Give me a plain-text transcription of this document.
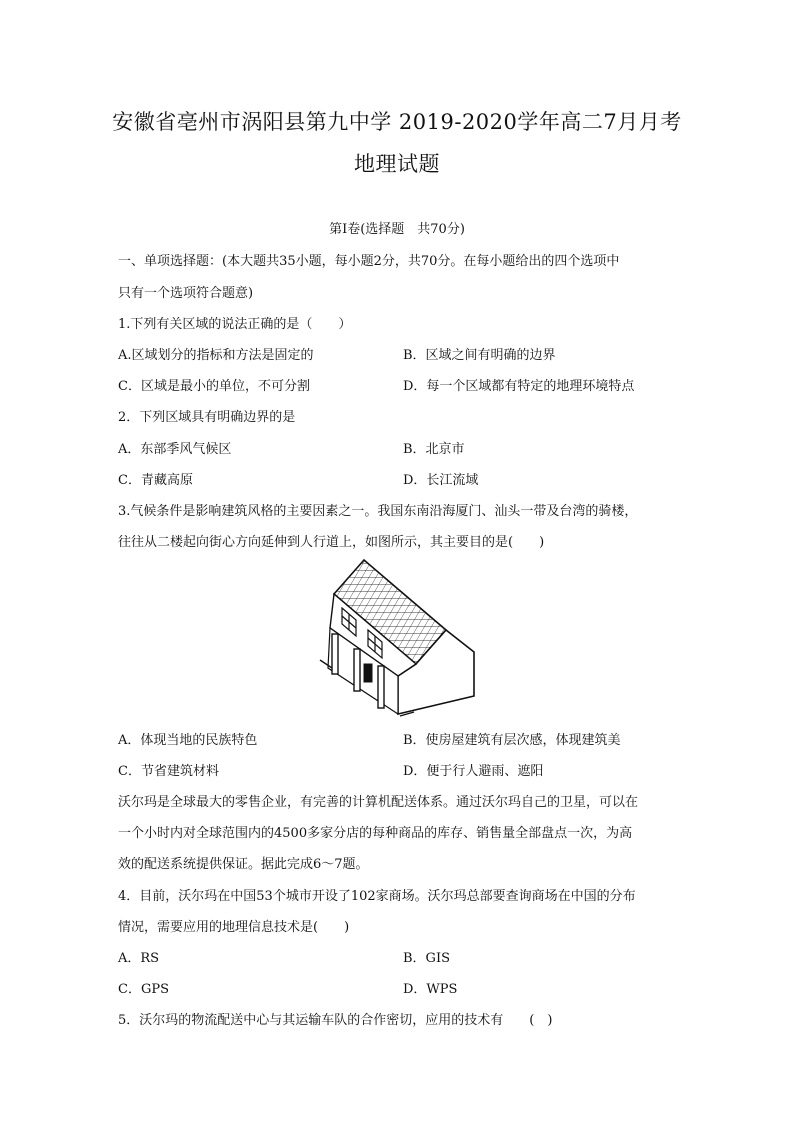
安徽省亳州市涡阳县第九中学 2019-2020学年高二7月月考
地理试题
第Ⅰ卷(选择题　共70分)
一、单项选择题：(本大题共35小题，每小题2分，共70分。在每小题给出的四个选项中
只有一个选项符合题意)
1.下列有关区域的说法正确的是（　　）
A.区域划分的指标和方法是固定的	B．区域之间有明确的边界
C．区域是最小的单位，不可分割	D．每一个区域都有特定的地理环境特点
2．下列区域具有明确边界的是
A．东部季风气候区	B．北京市
C．青藏高原	D．长江流域
3.气候条件是影响建筑风格的主要因素之一。我国东南沿海厦门、汕头一带及台湾的骑楼，
往往从二楼起向街心方向延伸到人行道上，如图所示，其主要目的是(　　)
A．体现当地的民族特色	B．使房屋建筑有层次感，体现建筑美
C．节省建筑材料	D．便于行人避雨、遮阳
沃尔玛是全球最大的零售企业，有完善的计算机配送体系。通过沃尔玛自己的卫星，可以在
一个小时内对全球范围内的4500多家分店的每种商品的库存、销售量全部盘点一次，为高
效的配送系统提供保证。据此完成6～7题。
4．目前，沃尔玛在中国53个城市开设了102家商场。沃尔玛总部要查询商场在中国的分布
情况，需要应用的地理信息技术是(　　)
A．RS	B．GIS
C．GPS	D．WPS
5．沃尔玛的物流配送中心与其运输车队的合作密切，应用的技术有　　(　)
